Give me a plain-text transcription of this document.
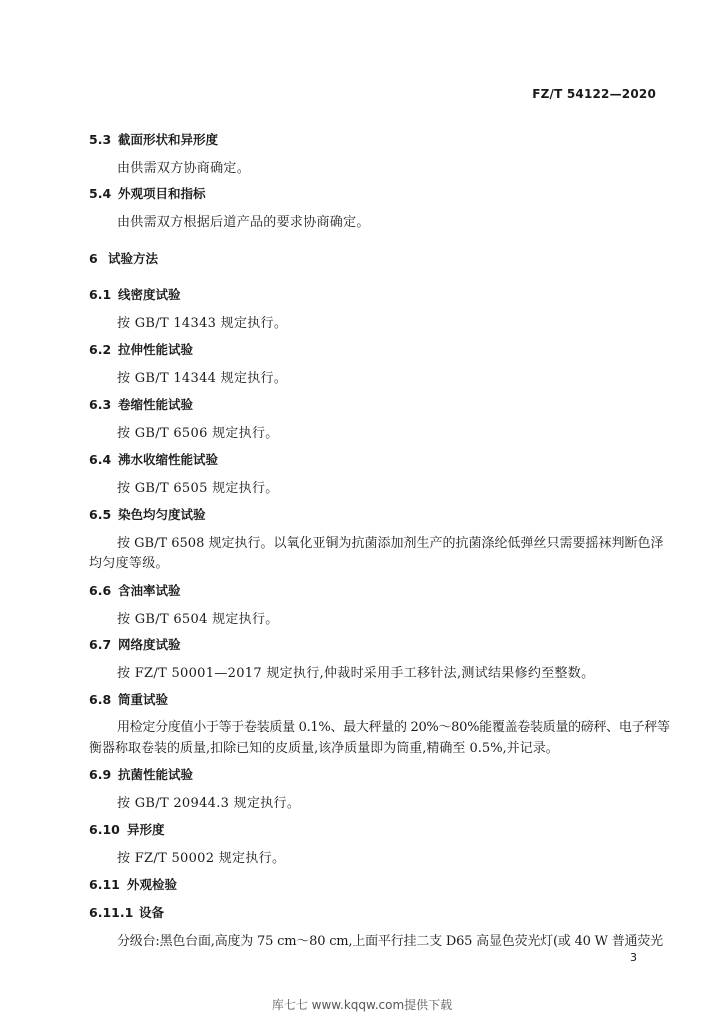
FZ/T 54122—2020
5.3 截面形状和异形度
由供需双方协商确定。
5.4 外观项目和指标
由供需双方根据后道产品的要求协商确定。
6 试验方法
6.1 线密度试验
按 GB/T 14343 规定执行。
6.2 拉伸性能试验
按 GB/T 14344 规定执行。
6.3 卷缩性能试验
按 GB/T 6506 规定执行。
6.4 沸水收缩性能试验
按 GB/T 6505 规定执行。
6.5 染色均匀度试验
按 GB/T 6508 规定执行。以氧化亚铜为抗菌添加剂生产的抗菌涤纶低弹丝只需要摇袜判断色泽
均匀度等级。
6.6 含油率试验
按 GB/T 6504 规定执行。
6.7 网络度试验
按 FZ/T 50001—2017 规定执行,仲裁时采用手工移针法,测试结果修约至整数。
6.8 筒重试验
用检定分度值小于等于卷装质量 0.1%、最大秤量的 20%～80%能覆盖卷装质量的磅秤、电子秤等
衡器称取卷装的质量,扣除已知的皮质量,该净质量即为筒重,精确至 0.5%,并记录。
6.9 抗菌性能试验
按 GB/T 20944.3 规定执行。
6.10 异形度
按 FZ/T 50002 规定执行。
6.11 外观检验
6.11.1 设备
分级台:黑色台面,高度为 75 cm～80 cm,上面平行挂二支 D65 高显色荧光灯(或 40 W 普通荧光
3
库七七 www.kqqw.com提供下载
